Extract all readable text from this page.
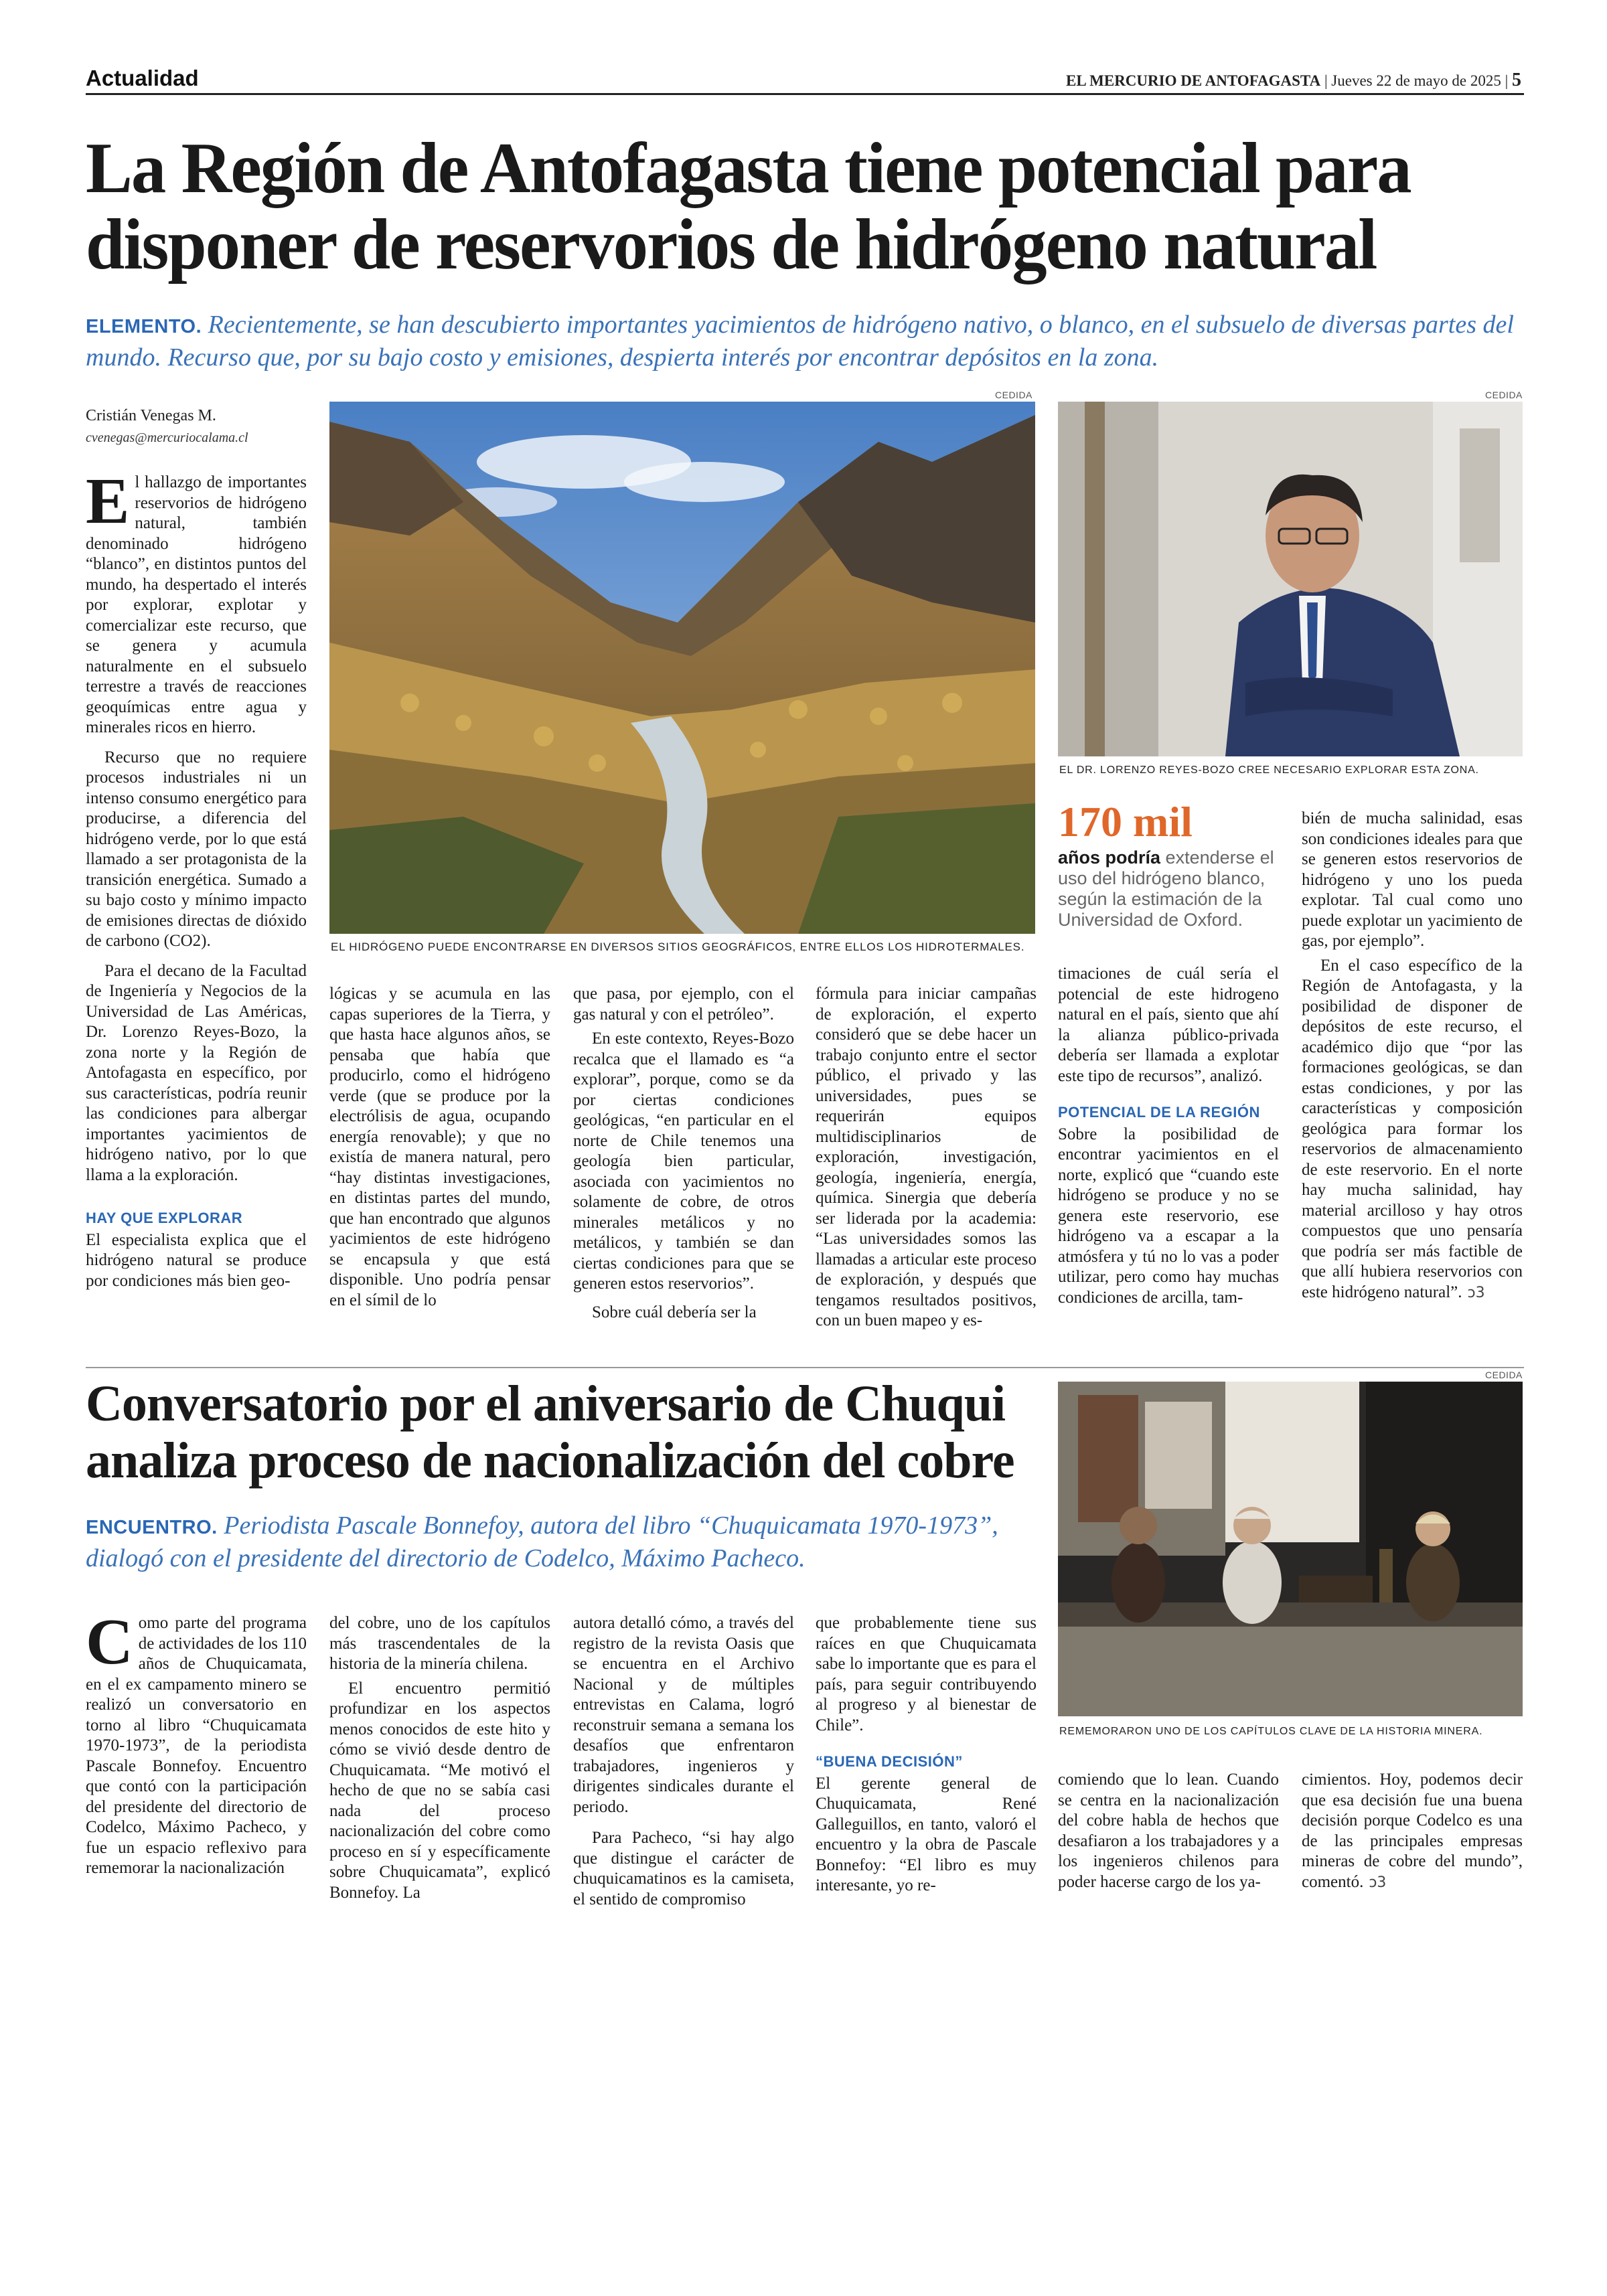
Actualidad	EL MERCURIO DE ANTOFAGASTA | Jueves 22 de mayo de 2025 | 5
La Región de Antofagasta tiene potencial para
disponer de reservorios de hidrógeno natural
ELEMENTO. Recientemente, se han descubierto importantes yacimientos de hidrógeno nativo, o blanco, en el subsuelo de diversas partes del mundo. Recurso que, por su bajo costo y emisiones, despierta interés por encontrar depósitos en la zona.
Cristián Venegas M.
cvenegas@mercuriocalama.cl

El hallazgo de importantes reservorios de hidrógeno natural, también denominado hidrógeno “blanco”, en distintos puntos del mundo, ha despertado el interés por explorar, explotar y comercializar este recurso, que se genera y acumula naturalmente en el subsuelo terrestre a través de reacciones geoquímicas entre agua y minerales ricos en hierro.

Recurso que no requiere procesos industriales ni un intenso consumo energético para producirse, a diferencia del hidrógeno verde, por lo que está llamado a ser protagonista de la transición energética. Sumado a su bajo costo y mínimo impacto de emisiones directas de dióxido de carbono (CO2).

Para el decano de la Facultad de Ingeniería y Negocios de la Universidad de Las Américas, Dr. Lorenzo Reyes-Bozo, la zona norte y la Región de Antofagasta en específico, por sus características, podría reunir las condiciones para albergar importantes yacimientos de hidrógeno nativo, por lo que llama a la exploración.

HAY QUE EXPLORAR

El especialista explica que el hidrógeno natural se produce por condiciones más bien geo-

CEDIDA
EL HIDRÓGENO PUEDE ENCONTRARSE EN DIVERSOS SITIOS GEOGRÁFICOS, ENTRE ELLOS LOS HIDROTERMALES.
CEDIDA
EL DR. LORENZO REYES-BOZO CREE NECESARIO EXPLORAR ESTA ZONA.
170 mil
años podría extenderse el uso del hidrógeno blanco, según la estimación de la Universidad de Oxford.

lógicas y se acumula en las capas superiores de la Tierra, y que hasta hace algunos años, se pensaba que había que producirlo, como el hidrógeno verde (que se produce por la electrólisis de agua, ocupando energía renovable); y que no existía de manera natural, pero “hay distintas investigaciones, en distintas partes del mundo, que han encontrado que algunos yacimientos de este hidrógeno se encapsula y que está disponible. Uno podría pensar en el símil de lo

que pasa, por ejemplo, con el gas natural y con el petróleo”.

En este contexto, Reyes-Bozo recalca que el llamado es “a explorar”, porque, como se da por ciertas condiciones geológicas, “en particular en el norte de Chile tenemos una geología bien particular, asociada con yacimientos no solamente de cobre, de otros minerales metálicos y no metálicos, y también se dan ciertas condiciones para que se generen estos reservorios”.

Sobre cuál debería ser la

fórmula para iniciar campañas de exploración, el experto consideró que se debe hacer un trabajo conjunto entre el sector público, el privado y las universidades, pues se requerirán equipos multidisciplinarios de exploración, investigación, geología, ingeniería, energía, química. Sinergia que debería ser liderada por la academia: “Las universidades somos las llamadas a articular este proceso de exploración, y después que tengamos resultados positivos, con un buen mapeo y es-

timaciones de cuál sería el potencial de este hidrogeno natural en el país, siento que ahí la alianza público-privada debería ser llamada a explotar este tipo de recursos”, analizó.

POTENCIAL DE LA REGIÓN

Sobre la posibilidad de encontrar yacimientos en el norte, explicó que “cuando este hidrógeno se produce y no se genera este reservorio, ese hidrógeno va a escapar a la atmósfera y tú no lo vas a poder utilizar, pero como hay muchas condiciones de arcilla, tam-

bién de mucha salinidad, esas son condiciones ideales para que se generen estos reservorios de hidrógeno y uno los pueda explotar. Tal cual como uno puede explotar un yacimiento de gas, por ejemplo”.

En el caso específico de la Región de Antofagasta, y la posibilidad de disponer de depósitos de este recurso, el académico dijo que “por las formaciones geológicas, se dan estas condiciones, y por las características y composición geológica para formar los reservorios de almacenamiento de este reservorio. En el norte hay mucha salinidad, hay material arcilloso y hay otros compuestos que uno pensaría que podría ser más factible de que allí hubiera reservorios con este hidrógeno natural”. ↄ3

Conversatorio por el aniversario de Chuqui
analiza proceso de nacionalización del cobre
ENCUENTRO. Periodista Pascale Bonnefoy, autora del libro “Chuquicamata 1970-1973”, dialogó con el presidente del directorio de Codelco, Máximo Pacheco.
CEDIDA
REMEMORARON UNO DE LOS CAPÍTULOS CLAVE DE LA HISTORIA MINERA.

Como parte del programa de actividades de los 110 años de Chuquicamata, en el ex campamento minero se realizó un conversatorio en torno al libro “Chuquicamata 1970-1973”, de la periodista Pascale Bonnefoy. Encuentro que contó con la participación del presidente del directorio de Codelco, Máximo Pacheco, y fue un espacio reflexivo para rememorar la nacionalización

del cobre, uno de los capítulos más trascendentales de la historia de la minería chilena.

El encuentro permitió profundizar en los aspectos menos conocidos de este hito y cómo se vivió desde dentro de Chuquicamata. “Me motivó el hecho de que no se sabía casi nada del proceso nacionalización del cobre como proceso en sí y específicamente sobre Chuquicamata”, explicó Bonnefoy. La

autora detalló cómo, a través del registro de la revista Oasis que se encuentra en el Archivo Nacional y de múltiples entrevistas en Calama, logró reconstruir semana a semana los desafíos que enfrentaron trabajadores, ingenieros y dirigentes sindicales durante el periodo.

Para Pacheco, “si hay algo que distingue el carácter de chuquicamatinos es la camiseta, el sentido de compromiso

que probablemente tiene sus raíces en que Chuquicamata sabe lo importante que es para el país, para seguir contribuyendo al progreso y al bienestar de Chile”.

“BUENA DECISIÓN”

El gerente general de Chuquicamata, René Galleguillos, en tanto, valoró el encuentro y la obra de Pascale Bonnefoy: “El libro es muy interesante, yo re-

comiendo que lo lean. Cuando se centra en la nacionalización del cobre habla de hechos que desafiaron a los trabajadores y a los ingenieros chilenos para poder hacerse cargo de los ya-

cimientos. Hoy, podemos decir que esa decisión fue una buena decisión porque Codelco es una de las principales empresas mineras de cobre del mundo”, comentó. ↄ3
